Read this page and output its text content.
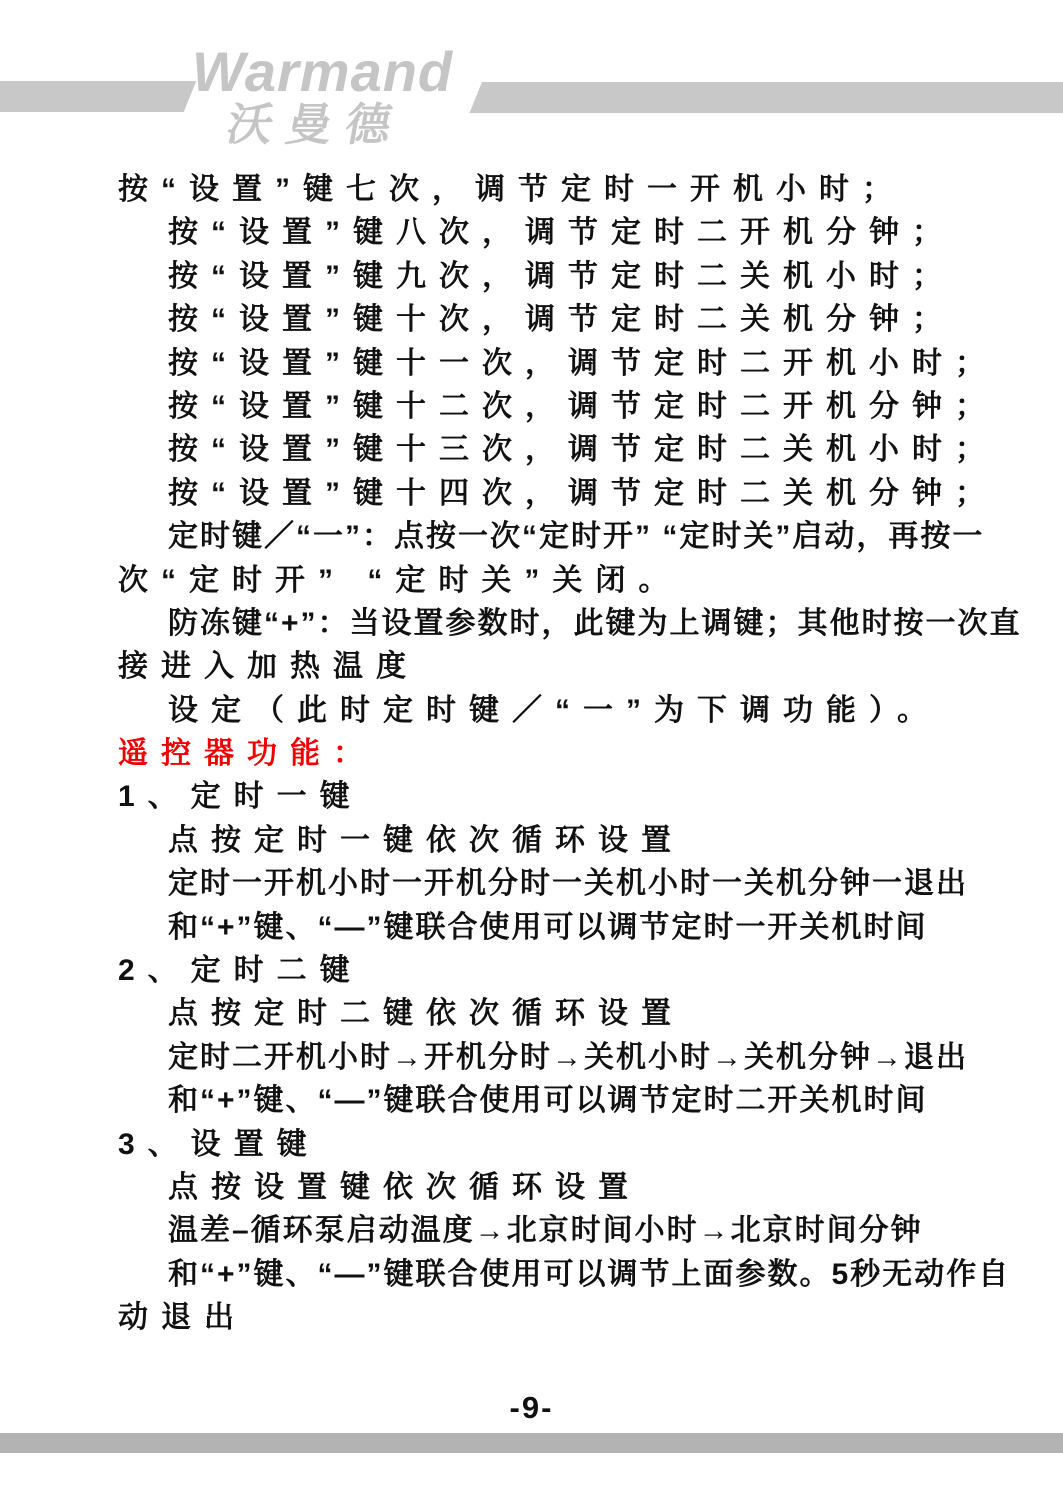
Warmand
沃曼德
按“设置”键七次，调节定时一开机小时；
按“设置”键八次，调节定时二开机分钟；
按“设置”键九次，调节定时二关机小时；
按“设置”键十次，调节定时二关机分钟；
按“设置”键十一次，调节定时二开机小时；
按“设置”键十二次，调节定时二开机分钟；
按“设置”键十三次，调节定时二关机小时；
按“设置”键十四次，调节定时二关机分钟；
定时键／“一”：点按一次“定时开” “定时关”启动，再按一
次“定时开” “定时关”关闭。
防冻键“+”：当设置参数时，此键为上调键；其他时按一次直
接进入加热温度
设定（此时定时键／“一”为下调功能）。
遥控器功能：
1、定时一键
点按定时一键依次循环设置
定时一开机小时一开机分时一关机小时一关机分钟一退出
和“+”键、“—”键联合使用可以调节定时一开关机时间
2、定时二键
点按定时二键依次循环设置
定时二开机小时→开机分时→关机小时→关机分钟→退出
和“+”键、“—”键联合使用可以调节定时二开关机时间
3、设置键
点按设置键依次循环设置
温差–循环泵启动温度→北京时间小时→北京时间分钟
和“+”键、“—”键联合使用可以调节上面参数。5秒无动作自
动退出
-9-
